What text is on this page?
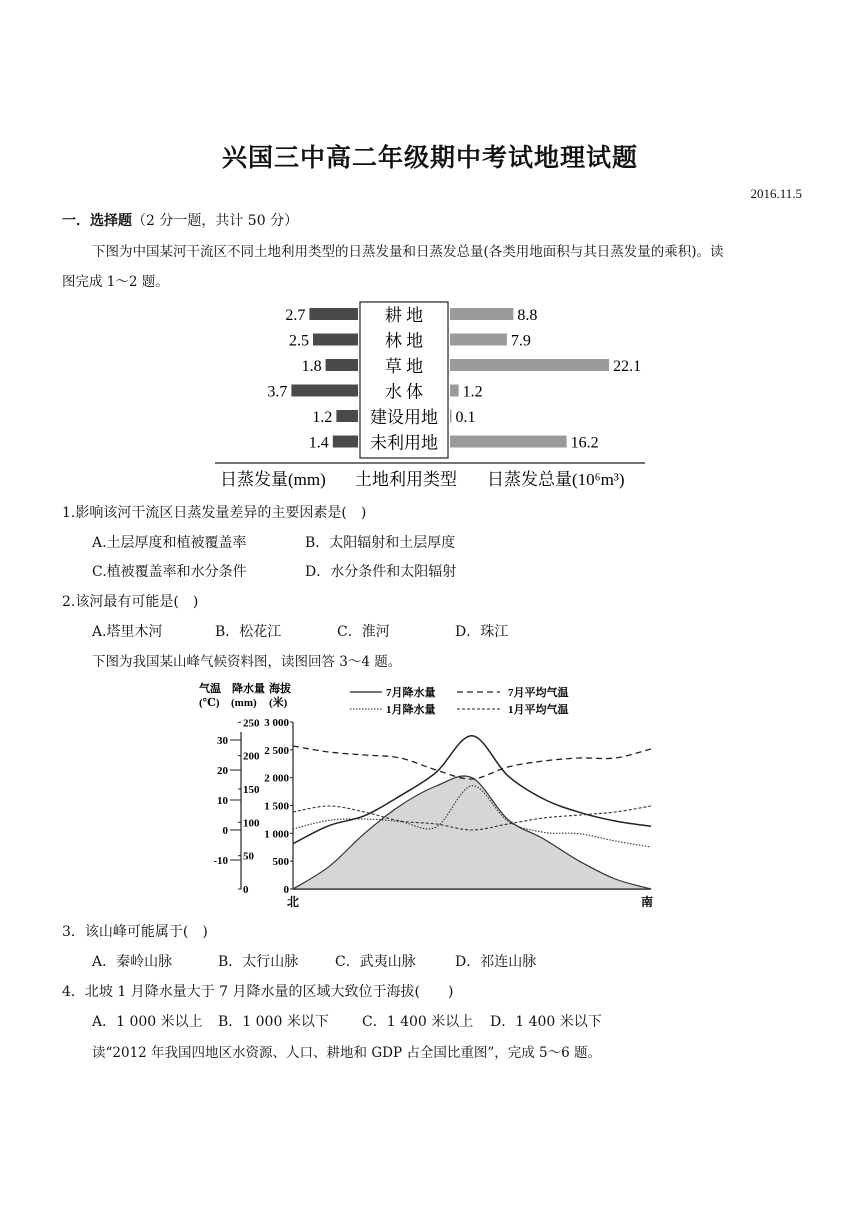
兴国三中高二年级期中考试地理试题
2016.11.5
一．选择题（2 分一题，共计 50 分）
下图为中国某河干流区不同土地利用类型的日蒸发量和日蒸发总量(各类用地面积与其日蒸发量的乘积)。读
图完成 1～2 题。
2.7	8.8
耕 地
2.5	7.9
林 地
1.8	22.1
草 地
3.7	1.2
水 体
1.2	0.1
建设用地
1.4	16.2
未利用地
日蒸发量(mm) 土地利用类型 日蒸发总量(10⁶m³)
1.影响该河干流区日蒸发量差异的主要因素是(　)
A.土层厚度和植被覆盖率	B．太阳辐射和土层厚度
C.植被覆盖率和水分条件	D．水分条件和太阳辐射
2.该河最有可能是(　)
A.塔里木河	B．松花江	C．淮河	D．珠江
下图为我国某山峰气候资料图，读图回答 3～4 题。
气温 降水量 海拔
(℃) (mm) (米)
7月降水量	7月平均气温
1月降水量	1月平均气温
3 000
2 500
2 000
1 500
1 000
500
0
250
200
150
100
50
0
30
20
10
0
-10
北	南
3．该山峰可能属于(　)
A．秦岭山脉	B．太行山脉	C．武夷山脉	D．祁连山脉
4．北坡 1 月降水量大于 7 月降水量的区域大致位于海拔(　　)
A．1 000 米以上 B．1 000 米以下 C．1 400 米以上 D．1 400 米以下
读“2012 年我国四地区水资源、人口、耕地和 GDP 占全国比重图”，完成 5～6 题。
